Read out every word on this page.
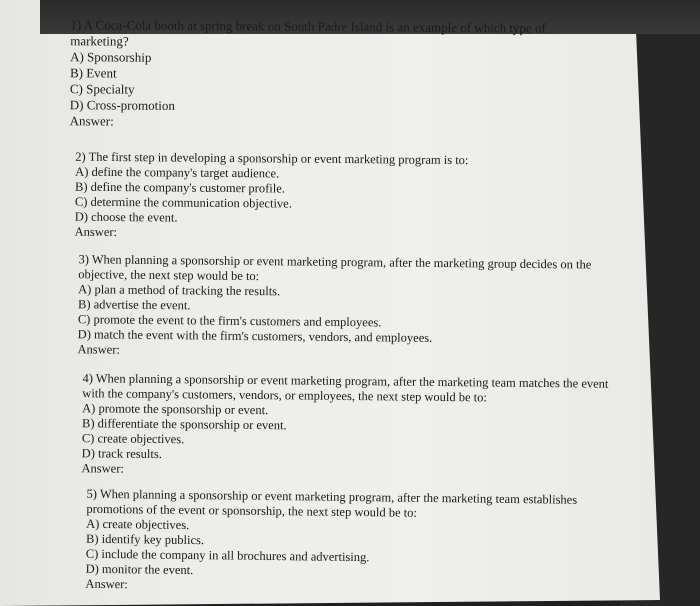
1) A Coca-Cola booth at spring break on South Padre Island is an example of which type of marketing?
A) Sponsorship
B) Event
C) Specialty
D) Cross-promotion
Answer:
2) The first step in developing a sponsorship or event marketing program is to:
A) define the company's target audience.
B) define the company's customer profile.
C) determine the communication objective.
D) choose the event.
Answer:
3) When planning a sponsorship or event marketing program, after the marketing group decides on the objective, the next step would be to:
A) plan a method of tracking the results.
B) advertise the event.
C) promote the event to the firm's customers and employees.
D) match the event with the firm's customers, vendors, and employees.
Answer:
4) When planning a sponsorship or event marketing program, after the marketing team matches the event with the company's customers, vendors, or employees, the next step would be to:
A) promote the sponsorship or event.
B) differentiate the sponsorship or event.
C) create objectives.
D) track results.
Answer:
5) When planning a sponsorship or event marketing program, after the marketing team establishes promotions of the event or sponsorship, the next step would be to:
A) create objectives.
B) identify key publics.
C) include the company in all brochures and advertising.
D) monitor the event.
Answer:
